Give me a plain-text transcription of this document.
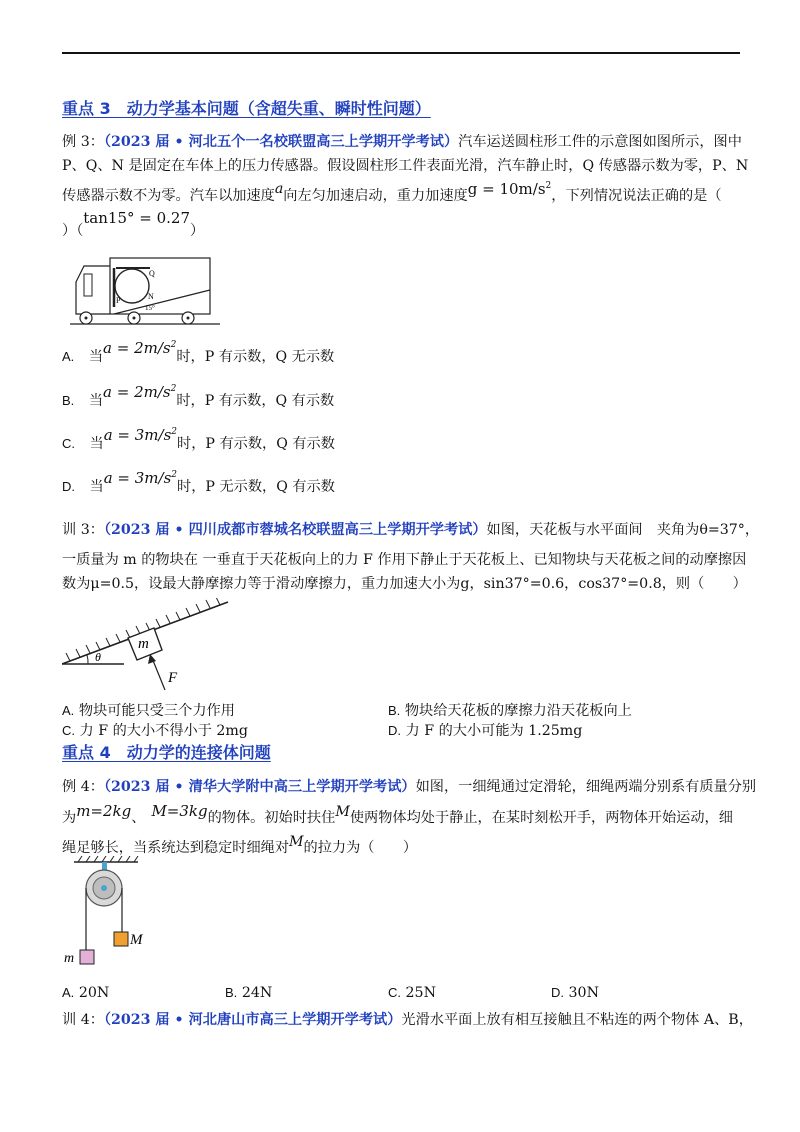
重点 3　动力学基本问题（含超失重、瞬时性问题）
例 3：（2023 届 • 河北五个一名校联盟高三上学期开学考试）汽车运送圆柱形工件的示意图如图所示，图中
P、Q、N 是固定在车体上的压力传感器。假设圆柱形工件表面光滑，汽车静止时，Q 传感器示数为零，P、N
传感器示数不为零。汽车以加速度a向左匀加速启动，重力加速度$g = 10m/s^2$，下列情况说法正确的是（
）（tan15° = 0.27）
Q
N
P
15°
A. 当$a = 2m/s^2$时，P 有示数，Q 无示数
B. 当$a = 2m/s^2$时，P 有示数，Q 有示数
C. 当$a = 3m/s^2$时，P 有示数，Q 有示数
D. 当$a = 3m/s^2$时，P 无示数，Q 有示数
训 3：（2023 届 • 四川成都市蓉城名校联盟高三上学期开学考试）如图，天花板与水平面间　夹角为θ=37°，
一质量为 m 的物块在 一垂直于天花板向上的力 F 作用下静止于天花板上、已知物块与天花板之间的动摩擦因
数为μ=0.5，设最大静摩擦力等于滑动摩擦力，重力加速大小为g，sin37°=0.6，cos37°=0.8，则（　　）
m
θ
F
A. 物块可能只受三个力作用	B. 物块给天花板的摩擦力沿天花板向上
C. 力 F 的大小不得小于 2mg	D. 力 F 的大小可能为 1.25mg
重点 4　动力学的连接体问题
例 4：（2023 届 • 清华大学附中高三上学期开学考试）如图，一细绳通过定滑轮，细绳两端分别系有质量分别
为m=2kg、 M=3kg的物体。初始时扶住M使两物体均处于静止，在某时刻松开手，两物体开始运动，细
绳足够长，当系统达到稳定时细绳对M的拉力为（　　）
M
m
A. 20N	B. 24N	C. 25N	D. 30N
训 4：（2023 届 • 河北唐山市高三上学期开学考试）光滑水平面上放有相互接触且不粘连的两个物体 A、B，
